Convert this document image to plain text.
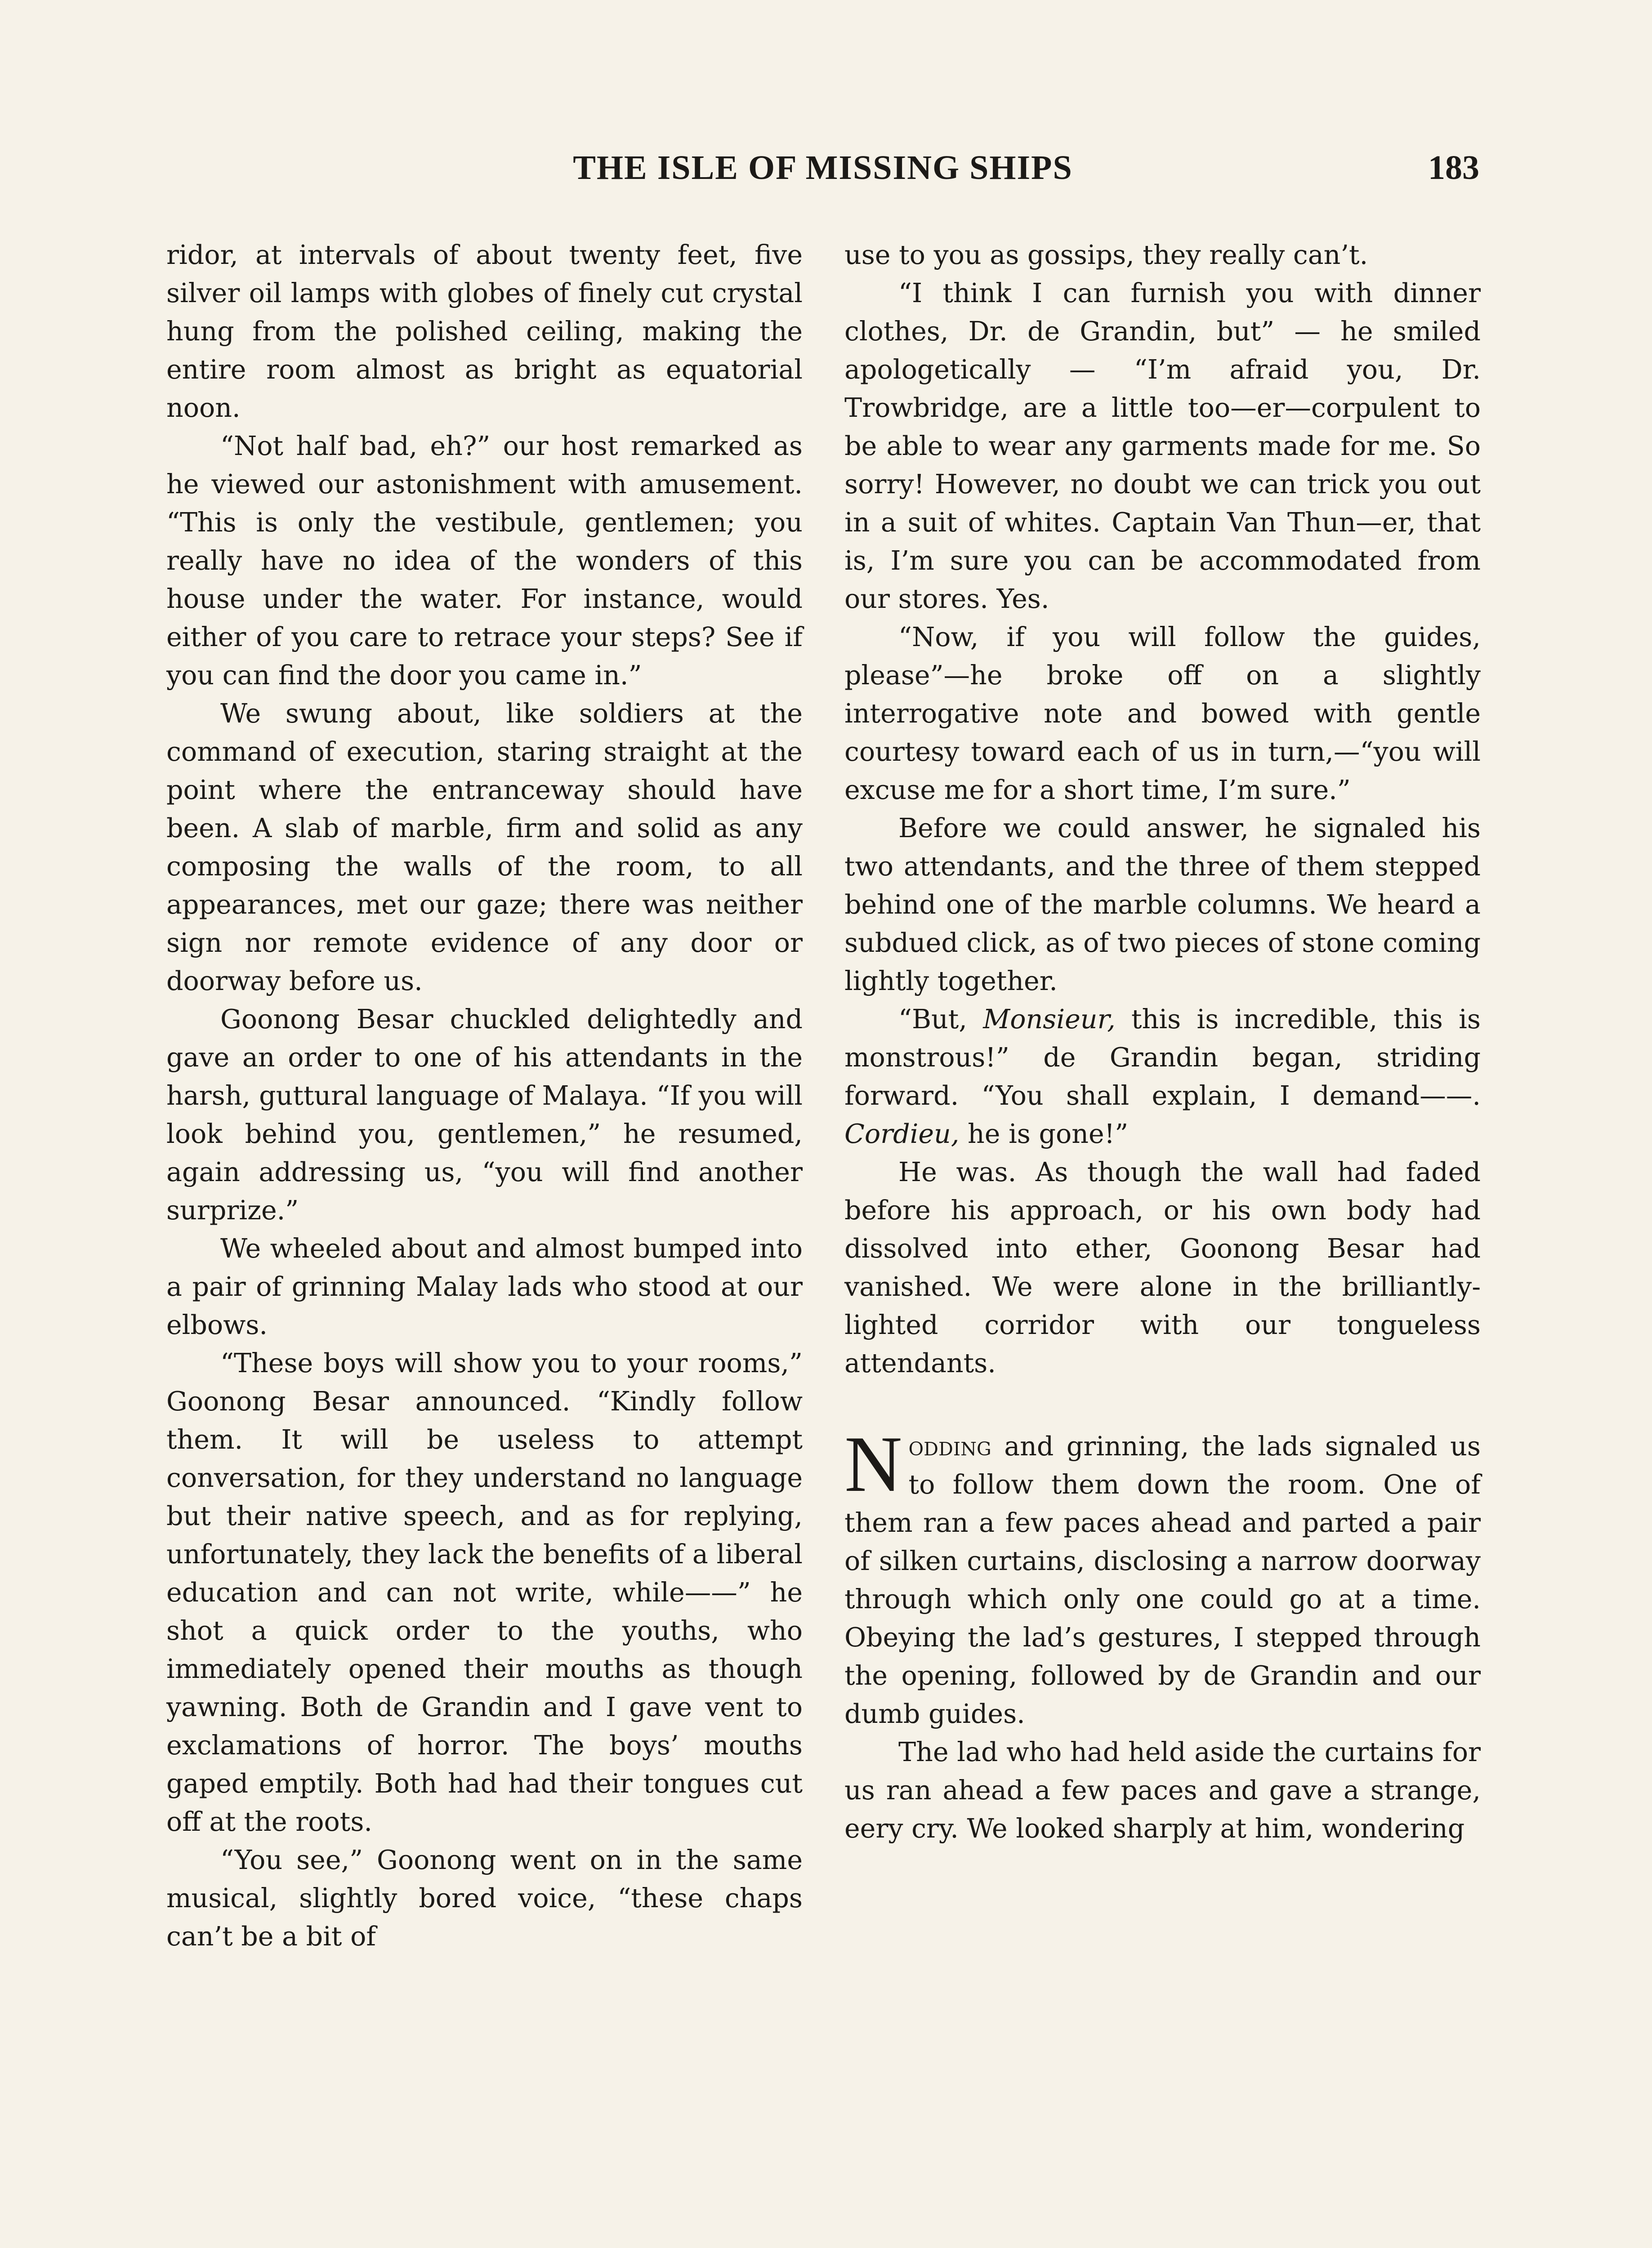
THE ISLE OF MISSING SHIPS	183

ridor, at intervals of about twenty feet, five silver oil lamps with globes of finely cut crystal hung from the polished ceiling, making the entire room almost as bright as equatorial noon.

“Not half bad, eh?” our host remarked as he viewed our astonishment with amusement. “This is only the vestibule, gentlemen; you really have no idea of the wonders of this house under the water. For instance, would either of you care to retrace your steps? See if you can find the door you came in.”

We swung about, like soldiers at the command of execution, staring straight at the point where the entranceway should have been. A slab of marble, firm and solid as any composing the walls of the room, to all appearances, met our gaze; there was neither sign nor remote evidence of any door or doorway before us.

Goonong Besar chuckled delightedly and gave an order to one of his attendants in the harsh, guttural language of Malaya. “If you will look behind you, gentlemen,” he resumed, again addressing us, “you will find another surprize.”

We wheeled about and almost bumped into a pair of grinning Malay lads who stood at our elbows.

“These boys will show you to your rooms,” Goonong Besar announced. “Kindly follow them. It will be useless to attempt conversation, for they understand no language but their native speech, and as for replying, unfortunately, they lack the benefits of a liberal education and can not write, while——” he shot a quick order to the youths, who immediately opened their mouths as though yawning. Both de Grandin and I gave vent to exclamations of horror. The boys’ mouths gaped emptily. Both had had their tongues cut off at the roots.

“You see,” Goonong went on in the same musical, slightly bored voice, “these chaps can’t be a bit of

use to you as gossips, they really can’t.

“I think I can furnish you with dinner clothes, Dr. de Grandin, but” — he smiled apologetically — “I’m afraid you, Dr. Trowbridge, are a little too—er—corpulent to be able to wear any garments made for me. So sorry! However, no doubt we can trick you out in a suit of whites. Captain Van Thun—er, that is, I’m sure you can be accommodated from our stores. Yes.

“Now, if you will follow the guides, please”—he broke off on a slightly interrogative note and bowed with gentle courtesy toward each of us in turn,—“you will excuse me for a short time, I’m sure.”

Before we could answer, he signaled his two attendants, and the three of them stepped behind one of the marble columns. We heard a subdued click, as of two pieces of stone coming lightly together.

“But, Monsieur, this is incredible, this is monstrous!” de Grandin began, striding forward. “You shall explain, I demand——. Cordieu, he is gone!”

He was. As though the wall had faded before his approach, or his own body had dissolved into ether, Goonong Besar had vanished. We were alone in the brilliantly-lighted corridor with our tongueless attendants.

Nodding and grinning, the lads signaled us to follow them down the room. One of them ran a few paces ahead and parted a pair of silken curtains, disclosing a narrow doorway through which only one could go at a time. Obeying the lad’s gestures, I stepped through the opening, followed by de Grandin and our dumb guides.

The lad who had held aside the curtains for us ran ahead a few paces and gave a strange, eery cry. We looked sharply at him, wondering
